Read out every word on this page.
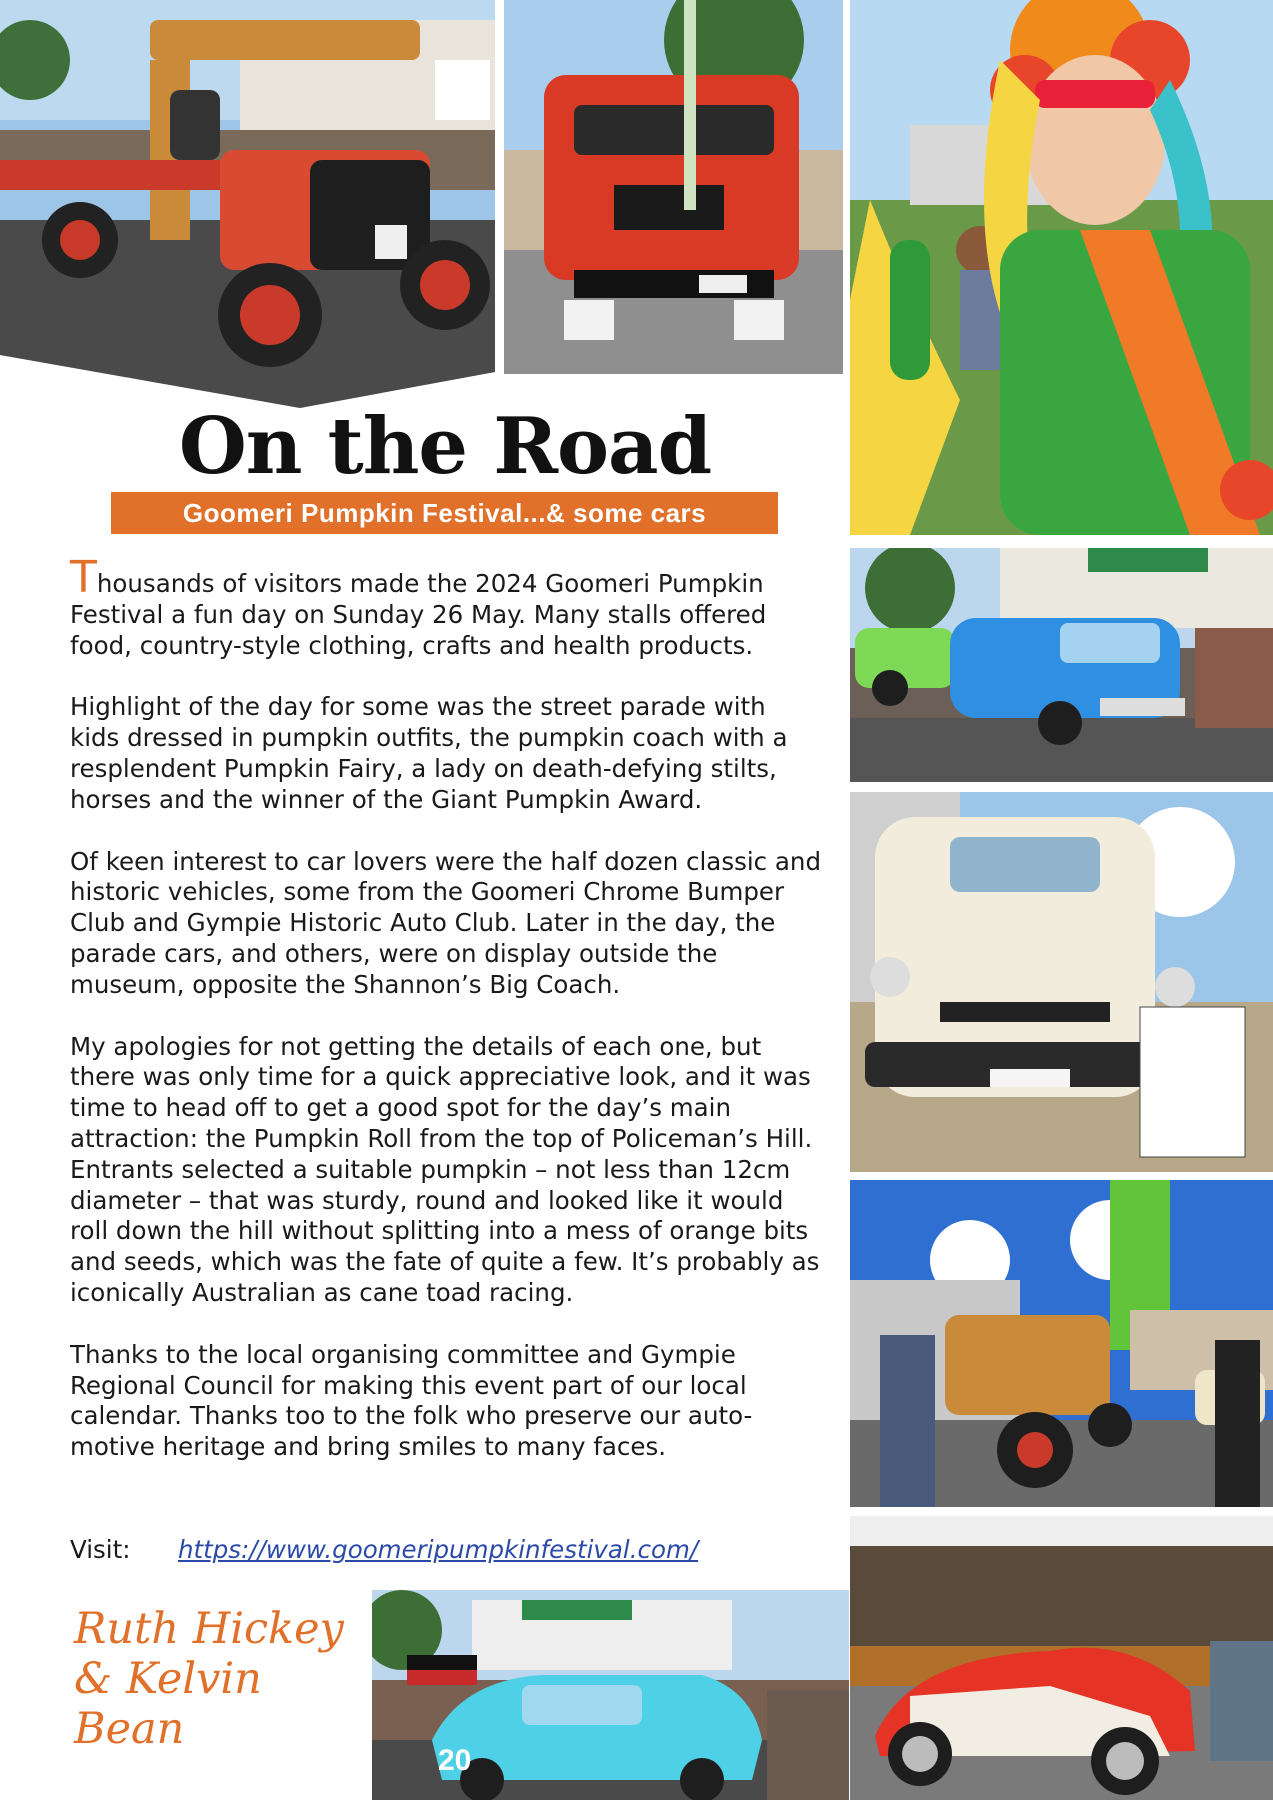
On the Road
Goomeri Pumpkin Festival...& some cars

Thousands of visitors made the 2024 Goomeri Pumpkin Festival a fun day on Sunday 26 May. Many stalls offered food, country-style clothing, crafts and health products.

Highlight of the day for some was the street parade with kids dressed in pumpkin outfits, the pumpkin coach with a resplendent Pumpkin Fairy, a lady on death-defying stilts, horses and the winner of the Giant Pumpkin Award.

Of keen interest to car lovers were the half dozen classic and historic vehicles, some from the Goomeri Chrome Bumper Club and Gympie Historic Auto Club. Later in the day, the parade cars, and others, were on display outside the museum, opposite the Shannon’s Big Coach.

My apologies for not getting the details of each one, but there was only time for a quick appreciative look, and it was time to head off to get a good spot for the day’s main attraction: the Pumpkin Roll from the top of Policeman’s Hill. Entrants selected a suitable pumpkin – not less than 12cm diameter – that was sturdy, round and looked like it would roll down the hill without splitting into a mess of orange bits and seeds, which was the fate of quite a few. It’s probably as iconically Australian as cane toad racing.

Thanks to the local organising committee and Gympie Regional Council for making this event part of our local calendar. Thanks too to the folk who preserve our auto-motive heritage and bring smiles to many faces.

Visit: https://www.goomeripumpkinfestival.com/
Ruth Hickey
& Kelvin Bean
20
